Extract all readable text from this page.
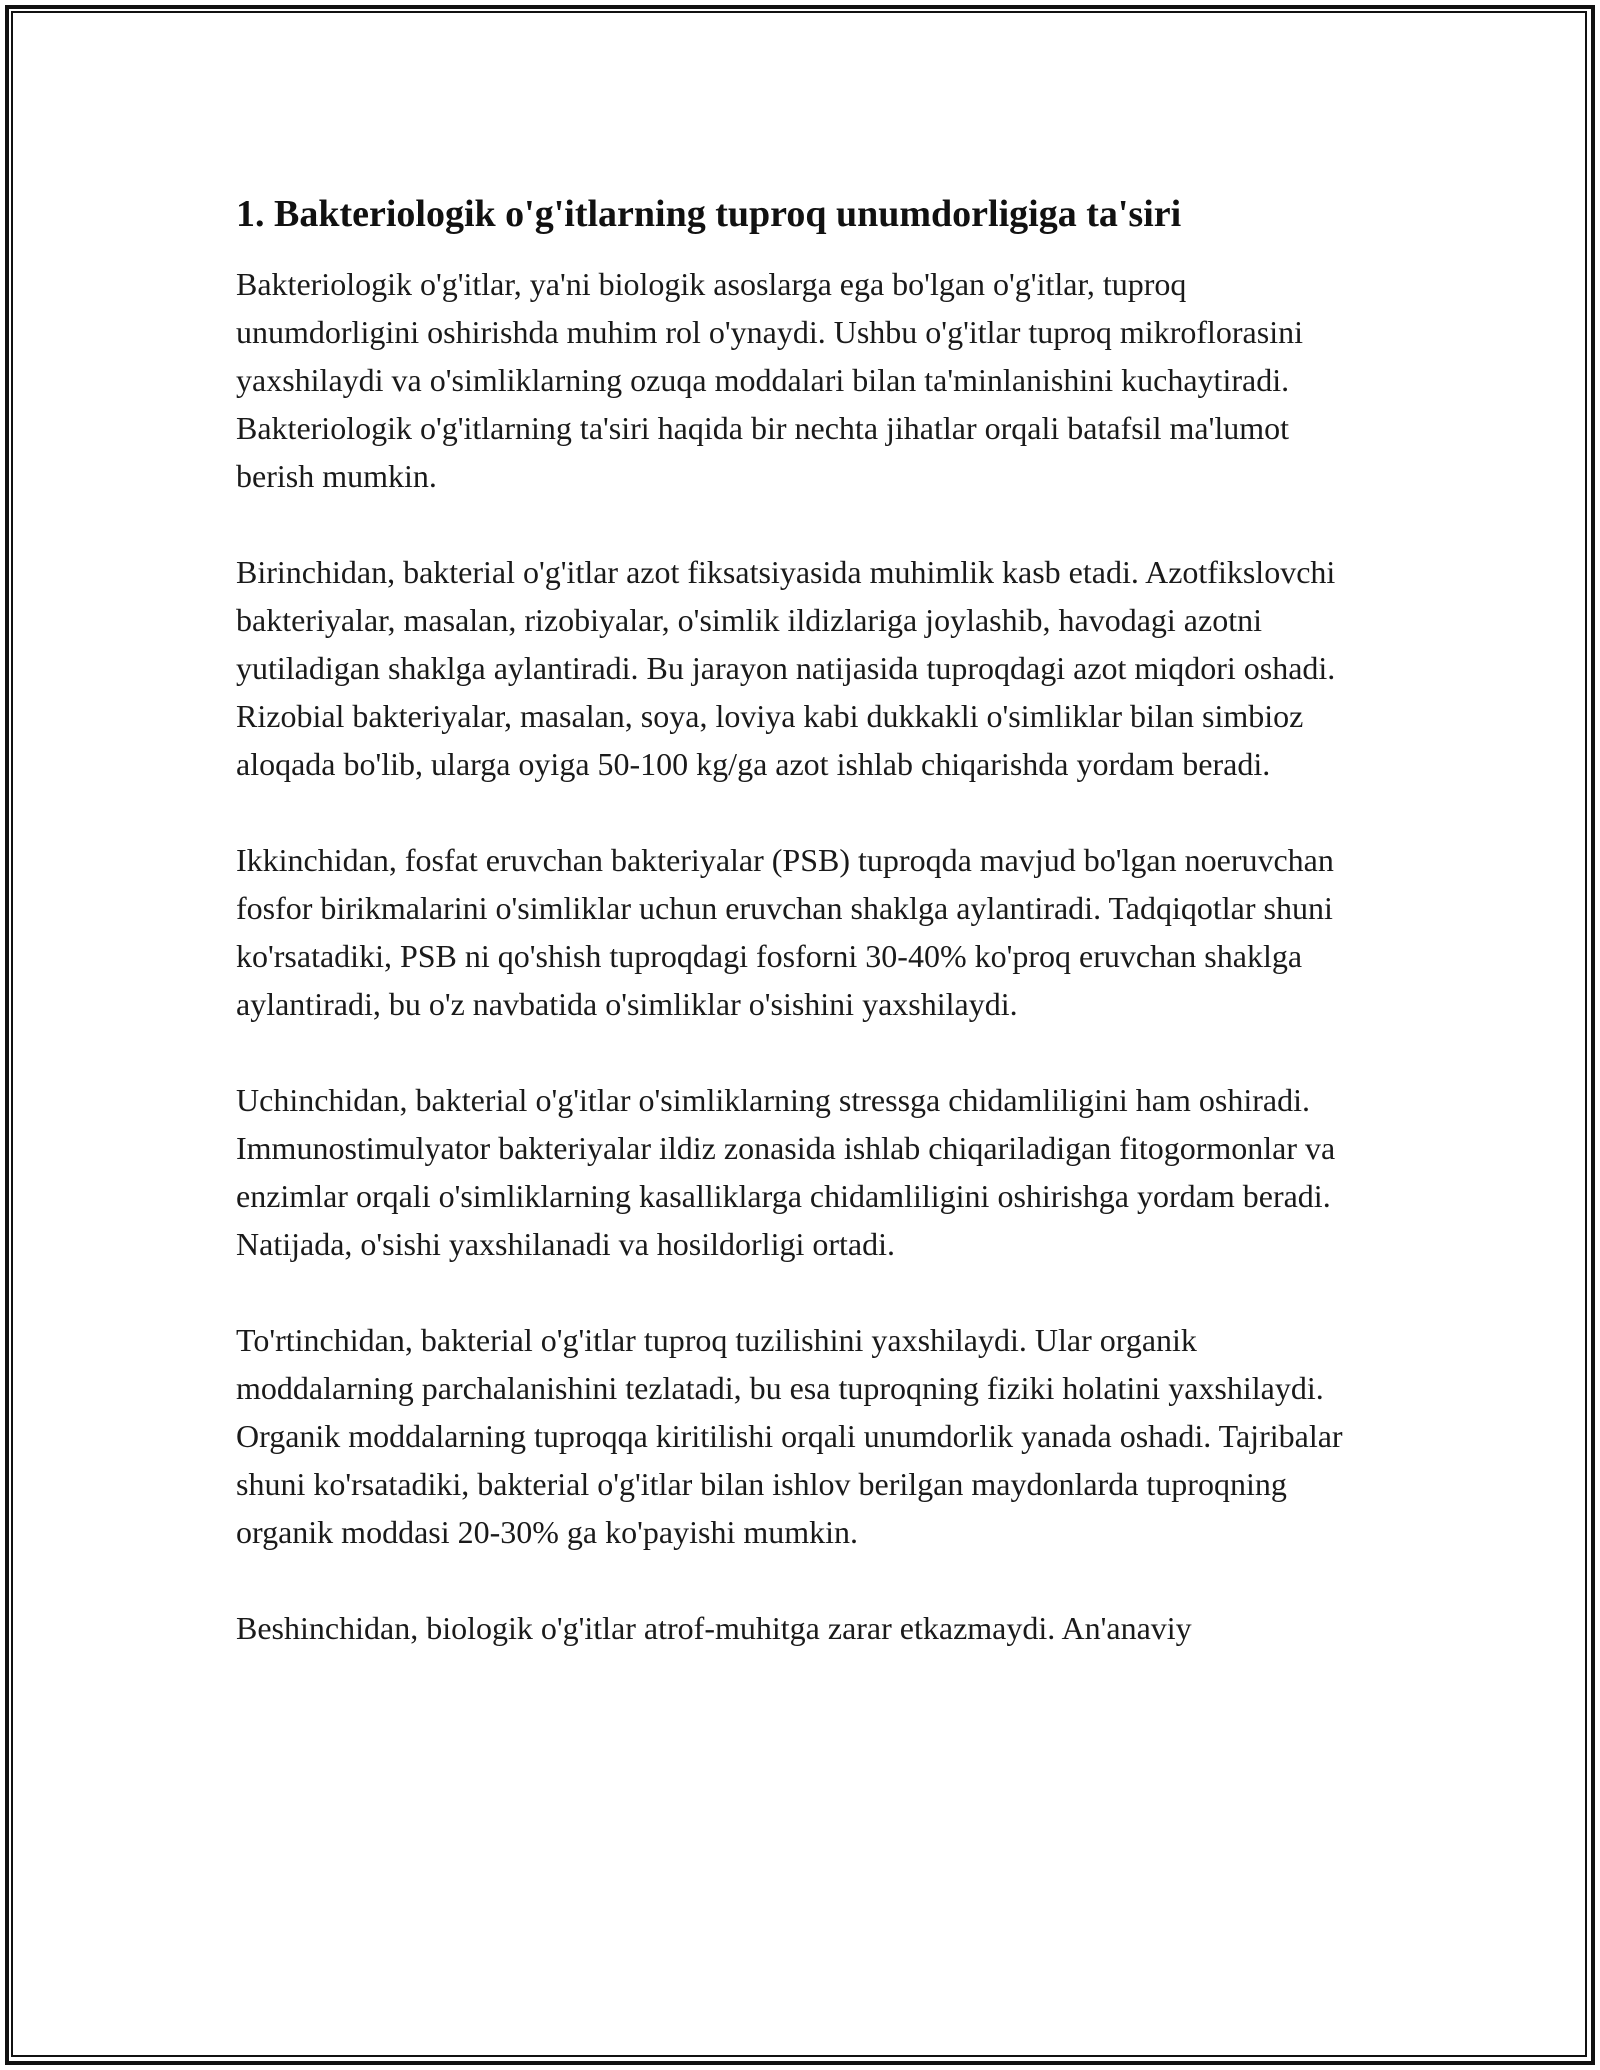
1. Bakteriologik o'g'itlarning tuproq unumdorligiga ta'siri

Bakteriologik o'g'itlar, ya'ni biologik asoslarga ega bo'lgan o'g'itlar, tuproq unumdorligini oshirishda muhim rol o'ynaydi. Ushbu o'g'itlar tuproq mikroflorasini yaxshilaydi va o'simliklarning ozuqa moddalari bilan ta'minlanishini kuchaytiradi. Bakteriologik o'g'itlarning ta'siri haqida bir nechta jihatlar orqali batafsil ma'lumot berish mumkin.

Birinchidan, bakterial o'g'itlar azot fiksatsiyasida muhimlik kasb etadi. Azotfikslovchi bakteriyalar, masalan, rizobiyalar, o'simlik ildizlariga joylashib, havodagi azotni yutiladigan shaklga aylantiradi. Bu jarayon natijasida tuproqdagi azot miqdori oshadi. Rizobial bakteriyalar, masalan, soya, loviya kabi dukkakli o'simliklar bilan simbioz aloqada bo'lib, ularga oyiga 50-100 kg/ga azot ishlab chiqarishda yordam beradi.

Ikkinchidan, fosfat eruvchan bakteriyalar (PSB) tuproqda mavjud bo'lgan noeruvchan fosfor birikmalarini o'simliklar uchun eruvchan shaklga aylantiradi. Tadqiqotlar shuni ko'rsatadiki, PSB ni qo'shish tuproqdagi fosforni 30-40% ko'proq eruvchan shaklga aylantiradi, bu o'z navbatida o'simliklar o'sishini yaxshilaydi.

Uchinchidan, bakterial o'g'itlar o'simliklarning stressga chidamliligini ham oshiradi. Immunostimulyator bakteriyalar ildiz zonasida ishlab chiqariladigan fitogormonlar va enzimlar orqali o'simliklarning kasalliklarga chidamliligini oshirishga yordam beradi. Natijada, o'sishi yaxshilanadi va hosildorligi ortadi.

To'rtinchidan, bakterial o'g'itlar tuproq tuzilishini yaxshilaydi. Ular organik moddalarning parchalanishini tezlatadi, bu esa tuproqning fiziki holatini yaxshilaydi. Organik moddalarning tuproqqa kiritilishi orqali unumdorlik yanada oshadi. Tajribalar shuni ko'rsatadiki, bakterial o'g'itlar bilan ishlov berilgan maydonlarda tuproqning organik moddasi 20-30% ga ko'payishi mumkin.

Beshinchidan, biologik o'g'itlar atrof-muhitga zarar etkazmaydi. An'anaviy
